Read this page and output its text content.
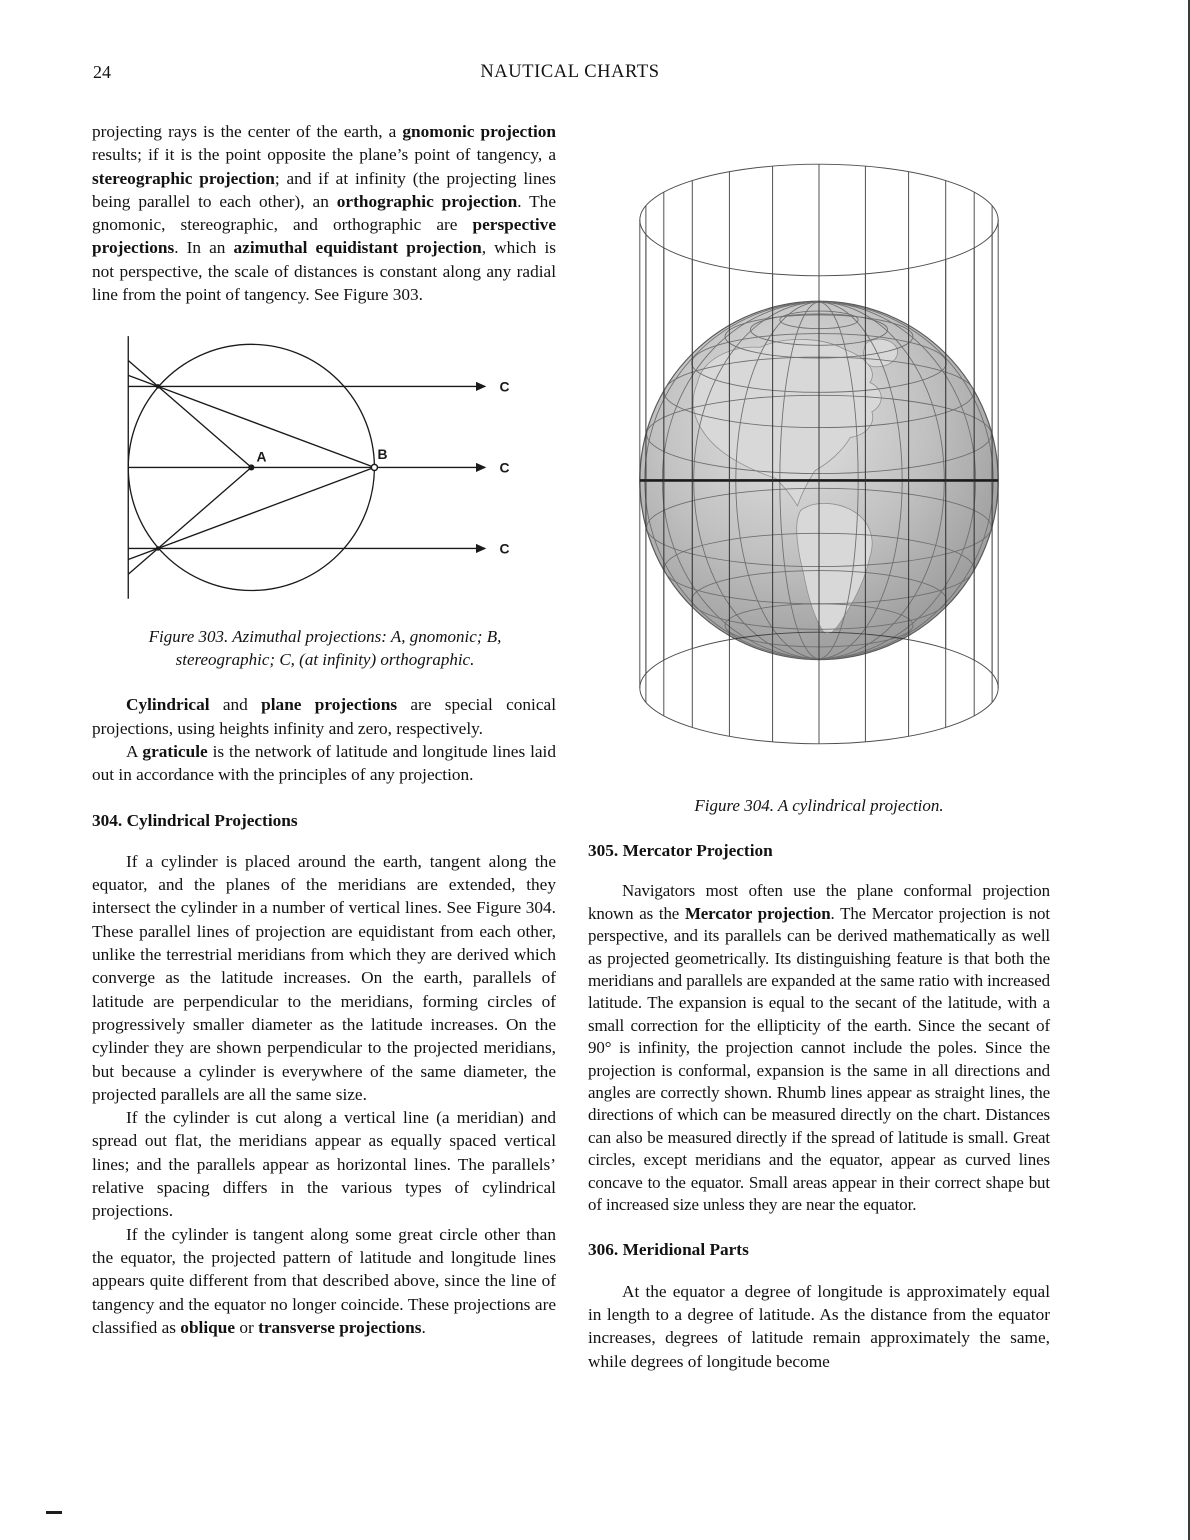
24	NAUTICAL CHARTS

projecting rays is the center of the earth, a gnomonic projection results; if it is the point opposite the plane’s point of tangency, a stereographic projection; and if at infinity (the projecting lines being parallel to each other), an orthographic projection. The gnomonic, stereographic, and orthographic are perspective projections. In an azimuthal equidistant projection, which is not perspective, the scale of distances is constant along any radial line from the point of tangency. See Figure 303.

A	B
C
C
C
Figure 303. Azimuthal projections: A, gnomonic; B, stereographic; C, (at infinity) orthographic.

Cylindrical and plane projections are special conical projections, using heights infinity and zero, respectively.

A graticule is the network of latitude and longitude lines laid out in accordance with the principles of any projection.

304. Cylindrical Projections

If a cylinder is placed around the earth, tangent along the equator, and the planes of the meridians are extended, they intersect the cylinder in a number of vertical lines. See Figure 304. These parallel lines of projection are equidistant from each other, unlike the terrestrial meridians from which they are derived which converge as the latitude increases. On the earth, parallels of latitude are perpendicular to the meridians, forming circles of progressively smaller diameter as the latitude increases. On the cylinder they are shown perpendicular to the projected meridians, but because a cylinder is everywhere of the same diameter, the projected parallels are all the same size.

If the cylinder is cut along a vertical line (a meridian) and spread out flat, the meridians appear as equally spaced vertical lines; and the parallels appear as horizontal lines. The parallels’ relative spacing differs in the various types of cylindrical projections.

If the cylinder is tangent along some great circle other than the equator, the projected pattern of latitude and longitude lines appears quite different from that described above, since the line of tangency and the equator no longer coincide. These projections are classified as oblique or transverse projections.

Figure 304. A cylindrical projection.
305. Mercator Projection

Navigators most often use the plane conformal projection known as the Mercator projection. The Mercator projection is not perspective, and its parallels can be derived mathematically as well as projected geometrically. Its distinguishing feature is that both the meridians and parallels are expanded at the same ratio with increased latitude. The expansion is equal to the secant of the latitude, with a small correction for the ellipticity of the earth. Since the secant of 90° is infinity, the projection cannot include the poles. Since the projection is conformal, expansion is the same in all directions and angles are correctly shown. Rhumb lines appear as straight lines, the directions of which can be measured directly on the chart. Distances can also be measured directly if the spread of latitude is small. Great circles, except meridians and the equator, appear as curved lines concave to the equator. Small areas appear in their correct shape but of increased size unless they are near the equator.

306. Meridional Parts

At the equator a degree of longitude is approximately equal in length to a degree of latitude. As the distance from the equator increases, degrees of latitude remain approximately the same, while degrees of longitude become
